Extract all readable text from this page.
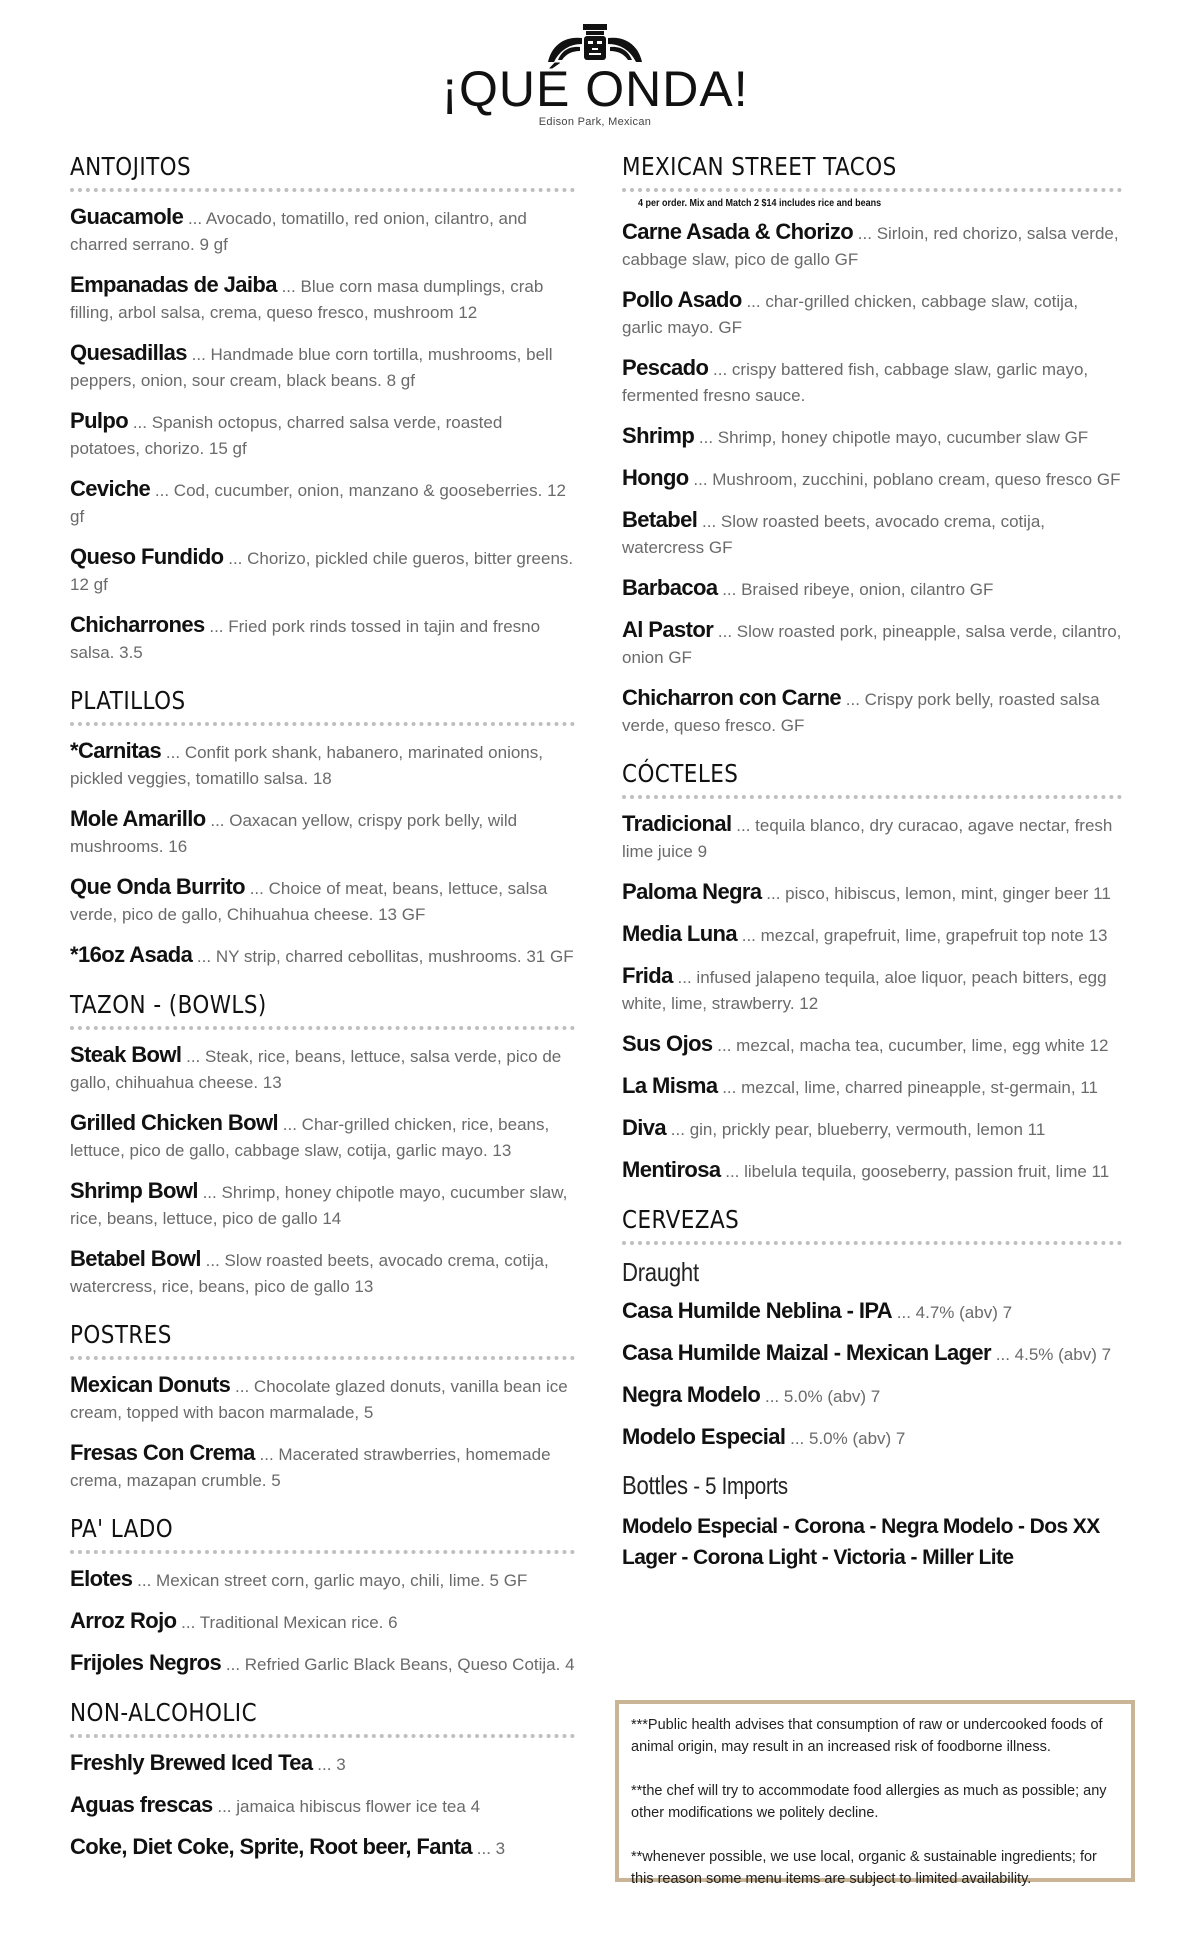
¡QUÉ ONDA!
Edison Park, Mexican
ANTOJITOS
Guacamole ... Avocado, tomatillo, red onion, cilantro, and charred serrano. 9 gf
Empanadas de Jaiba ... Blue corn masa dumplings, crab filling, arbol salsa, crema, queso fresco, mushroom 12
Quesadillas ... Handmade blue corn tortilla, mushrooms, bell peppers, onion, sour cream, black beans. 8 gf
Pulpo ... Spanish octopus, charred salsa verde, roasted potatoes, chorizo. 15 gf
Ceviche ... Cod, cucumber, onion, manzano & gooseberries. 12 gf
Queso Fundido ... Chorizo, pickled chile gueros, bitter greens. 12 gf
Chicharrones ... Fried pork rinds tossed in tajin and fresno salsa. 3.5
PLATILLOS
*Carnitas ... Confit pork shank, habanero, marinated onions, pickled veggies, tomatillo salsa. 18
Mole Amarillo ... Oaxacan yellow, crispy pork belly, wild mushrooms. 16
Que Onda Burrito ... Choice of meat, beans, lettuce, salsa verde, pico de gallo, Chihuahua cheese. 13 GF
*16oz Asada ... NY strip, charred cebollitas, mushrooms. 31 GF
TAZON - (BOWLS)
Steak Bowl ... Steak, rice, beans, lettuce, salsa verde, pico de gallo, chihuahua cheese. 13
Grilled Chicken Bowl ... Char-grilled chicken, rice, beans, lettuce, pico de gallo, cabbage slaw, cotija, garlic mayo. 13
Shrimp Bowl ... Shrimp, honey chipotle mayo, cucumber slaw, rice, beans, lettuce, pico de gallo 14
Betabel Bowl ... Slow roasted beets, avocado crema, cotija, watercress, rice, beans, pico de gallo 13
POSTRES
Mexican Donuts ... Chocolate glazed donuts, vanilla bean ice cream, topped with bacon marmalade, 5
Fresas Con Crema ... Macerated strawberries, homemade crema, mazapan crumble. 5
PA' LADO
Elotes ... Mexican street corn, garlic mayo, chili, lime. 5 GF
Arroz Rojo ... Traditional Mexican rice. 6
Frijoles Negros ... Refried Garlic Black Beans, Queso Cotija. 4
NON-ALCOHOLIC
Freshly Brewed Iced Tea ... 3
Aguas frescas ... jamaica hibiscus flower ice tea 4
Coke, Diet Coke, Sprite, Root beer, Fanta ... 3
MEXICAN STREET TACOS
4 per order. Mix and Match 2 $14 includes rice and beans
Carne Asada & Chorizo ... Sirloin, red chorizo, salsa verde, cabbage slaw, pico de gallo GF
Pollo Asado ... char-grilled chicken, cabbage slaw, cotija, garlic mayo. GF
Pescado ... crispy battered fish, cabbage slaw, garlic mayo, fermented fresno sauce.
Shrimp ... Shrimp, honey chipotle mayo, cucumber slaw GF
Hongo ... Mushroom, zucchini, poblano cream, queso fresco GF
Betabel ... Slow roasted beets, avocado crema, cotija, watercress GF
Barbacoa ... Braised ribeye, onion, cilantro GF
Al Pastor ... Slow roasted pork, pineapple, salsa verde, cilantro, onion GF
Chicharron con Carne ... Crispy pork belly, roasted salsa verde, queso fresco. GF
CÓCTELES
Tradicional ... tequila blanco, dry curacao, agave nectar, fresh lime juice 9
Paloma Negra ... pisco, hibiscus, lemon, mint, ginger beer 11
Media Luna ... mezcal, grapefruit, lime, grapefruit top note 13
Frida ... infused jalapeno tequila, aloe liquor, peach bitters, egg white, lime, strawberry. 12
Sus Ojos ... mezcal, macha tea, cucumber, lime, egg white 12
La Misma ... mezcal, lime, charred pineapple, st-germain, 11
Diva ... gin, prickly pear, blueberry, vermouth, lemon 11
Mentirosa ... libelula tequila, gooseberry, passion fruit, lime 11
CERVEZAS
Draught
Casa Humilde Neblina - IPA ... 4.7% (abv) 7
Casa Humilde Maizal - Mexican Lager ... 4.5% (abv) 7
Negra Modelo ... 5.0% (abv) 7
Modelo Especial ... 5.0% (abv) 7
Bottles - 5 Imports
Modelo Especial - Corona - Negra Modelo - Dos XX Lager - Corona Light - Victoria - Miller Lite

***Public health advises that consumption of raw or undercooked foods of animal origin, may result in an increased risk of foodborne illness.

**the chef will try to accommodate food allergies as much as possible; any other modifications we politely decline.

**whenever possible, we use local, organic & sustainable ingredients; for this reason some menu items are subject to limited availability.
